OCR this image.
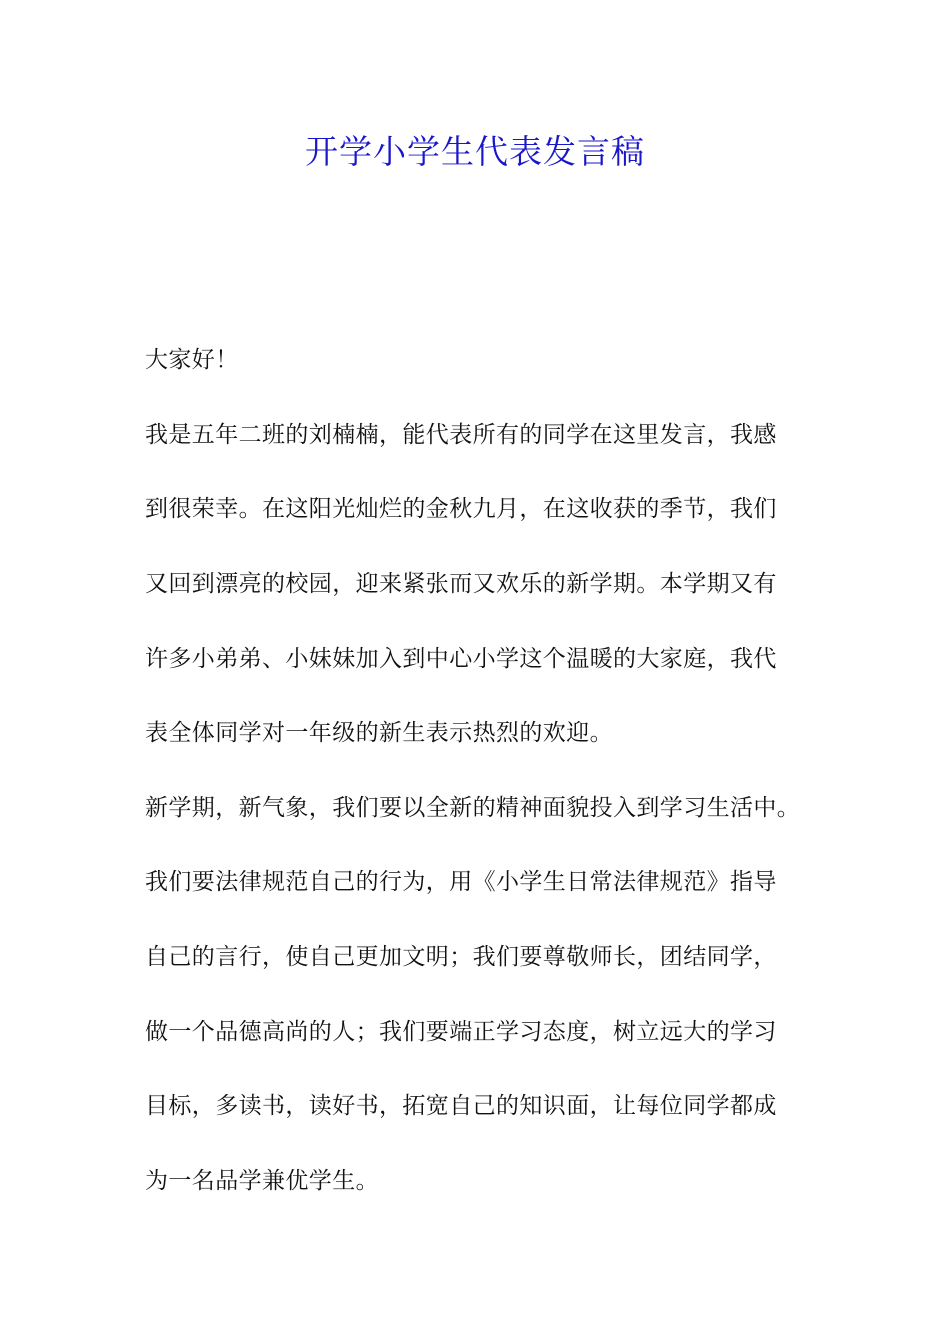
开学小学生代表发言稿
大家好！
我是五年二班的刘楠楠，能代表所有的同学在这里发言，我感
到很荣幸。在这阳光灿烂的金秋九月，在这收获的季节，我们
又回到漂亮的校园，迎来紧张而又欢乐的新学期。本学期又有
许多小弟弟、小妹妹加入到中心小学这个温暖的大家庭，我代
表全体同学对一年级的新生表示热烈的欢迎。
新学期，新气象，我们要以全新的精神面貌投入到学习生活中。
我们要法律规范自己的行为，用《小学生日常法律规范》指导
自己的言行，使自己更加文明；我们要尊敬师长，团结同学，
做一个品德高尚的人；我们要端正学习态度，树立远大的学习
目标，多读书，读好书，拓宽自己的知识面，让每位同学都成
为一名品学兼优学生。
